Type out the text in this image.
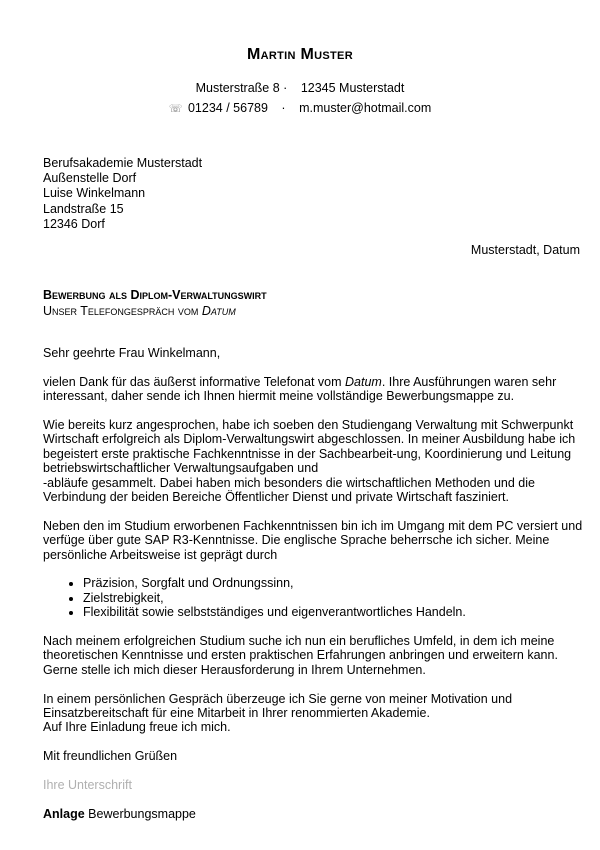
Martin Muster
Musterstraße 8 · 12345 Musterstadt
☏ 01234 / 56789 · m.muster@hotmail.com
Berufsakademie Musterstadt
Außenstelle Dorf
Luise Winkelmann
Landstraße 15
12346 Dorf
Musterstadt, Datum
Bewerbung als Diplom-Verwaltungswirt
Unser Telefongespräch vom Datum

Sehr geehrte Frau Winkelmann,

vielen Dank für das äußerst informative Telefonat vom Datum. Ihre Ausführungen waren sehr interessant, daher sende ich Ihnen hiermit meine vollständige Bewerbungsmappe zu.

Wie bereits kurz angesprochen, habe ich soeben den Studiengang Verwaltung mit Schwerpunkt Wirtschaft erfolgreich als Diplom-Verwaltungswirt abgeschlossen. In meiner Ausbildung habe ich begeistert erste praktische Fachkenntnisse in der Sachbearbeit-ung, Koordinierung und Leitung betriebswirtschaftlicher Verwaltungsaufgaben und
-abläufe gesammelt. Dabei haben mich besonders die wirtschaftlichen Methoden und die Verbindung der beiden Bereiche Öffentlicher Dienst und private Wirtschaft fasziniert.

Neben den im Studium erworbenen Fachkenntnissen bin ich im Umgang mit dem PC versiert und verfüge über gute SAP R3-Kenntnisse. Die englische Sprache beherrsche ich sicher. Meine persönliche Arbeitsweise ist geprägt durch

• Präzision, Sorgfalt und Ordnungssinn,
• Zielstrebigkeit,
• Flexibilität sowie selbstständiges und eigenverantwortliches Handeln.

Nach meinem erfolgreichen Studium suche ich nun ein berufliches Umfeld, in dem ich meine theoretischen Kenntnisse und ersten praktischen Erfahrungen anbringen und erweitern kann. Gerne stelle ich mich dieser Herausforderung in Ihrem Unternehmen.

In einem persönlichen Gespräch überzeuge ich Sie gerne von meiner Motivation und Einsatzbereitschaft für eine Mitarbeit in Ihrer renommierten Akademie.
Auf Ihre Einladung freue ich mich.

Mit freundlichen Grüßen

Ihre Unterschrift

Anlage Bewerbungsmappe
